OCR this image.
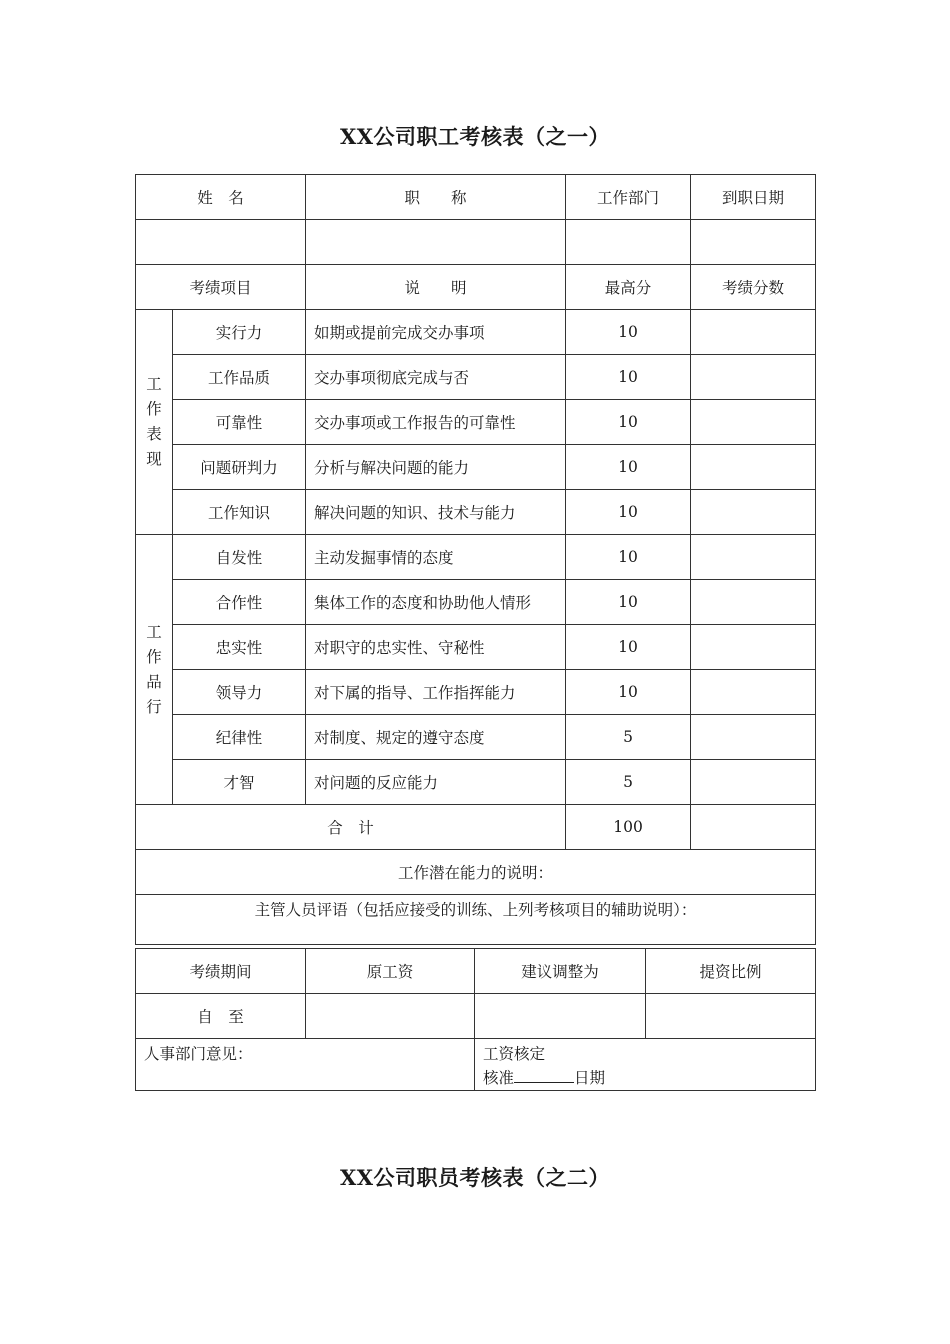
XX公司职工考核表（之一）
姓　名		职　　称	工作部门	到职日期

考绩项目		说　　明	最高分	考绩分数
工
作
表
现	实行力	如期或提前完成交办事项	10	
	工作品质	交办事项彻底完成与否	10	
	可靠性	交办事项或工作报告的可靠性	10	
	问题研判力	分析与解决问题的能力	10	
	工作知识	解决问题的知识、技术与能力	10	
工
作
品
行	自发性	主动发掘事情的态度	10	
	合作性	集体工作的态度和协助他人情形	10	
	忠实性	对职守的忠实性、守秘性	10	
	领导力	对下属的指导、工作指挥能力	10	
	纪律性	对制度、规定的遵守态度	5	
	才智	对问题的反应能力	5	
合　计			100	
工作潜在能力的说明：				
主管人员评语（包括应接受的训练、上列考核项目的辅助说明）：				
考绩期间	原工资	建议调整为	提资比例
自　至			
人事部门意见：		工资核定
核准 日期	
XX公司职员考核表（之二）
